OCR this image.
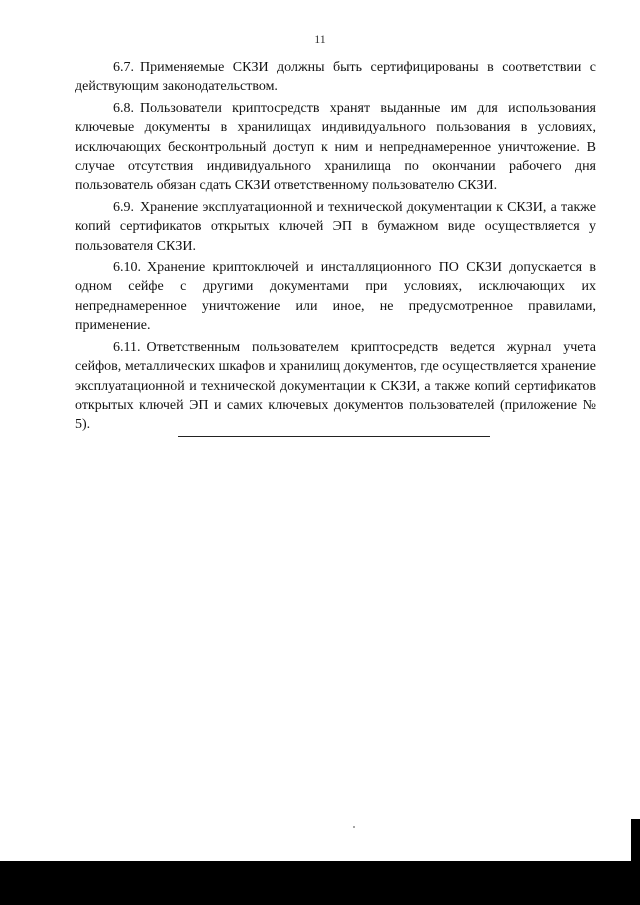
11

6.7. Применяемые СКЗИ должны быть сертифицированы в соответствии с действующим законодательством.

6.8. Пользователи криптосредств хранят выданные им для использования ключевые документы в хранилищах индивидуального пользования в условиях, исключающих бесконтрольный доступ к ним и непреднамеренное уничтожение. В случае отсутствия индивидуального хранилища по окончании рабочего дня пользователь обязан сдать СКЗИ ответственному пользователю СКЗИ.

6.9. Хранение эксплуатационной и технической документации к СКЗИ, а также копий сертификатов открытых ключей ЭП в бумажном виде осуществляется у пользователя СКЗИ.

6.10. Хранение криптоключей и инсталляционного ПО СКЗИ допускается в одном сейфе с другими документами при условиях, исключающих их непреднамеренное уничтожение или иное, не предусмотренное правилами, применение.

6.11. Ответственным пользователем криптосредств ведется журнал учета сейфов, металлических шкафов и хранилищ документов, где осуществляется хранение эксплуатационной и технической документации к СКЗИ, а также копий сертификатов открытых ключей ЭП и самих ключевых документов пользователей (приложение № 5).
